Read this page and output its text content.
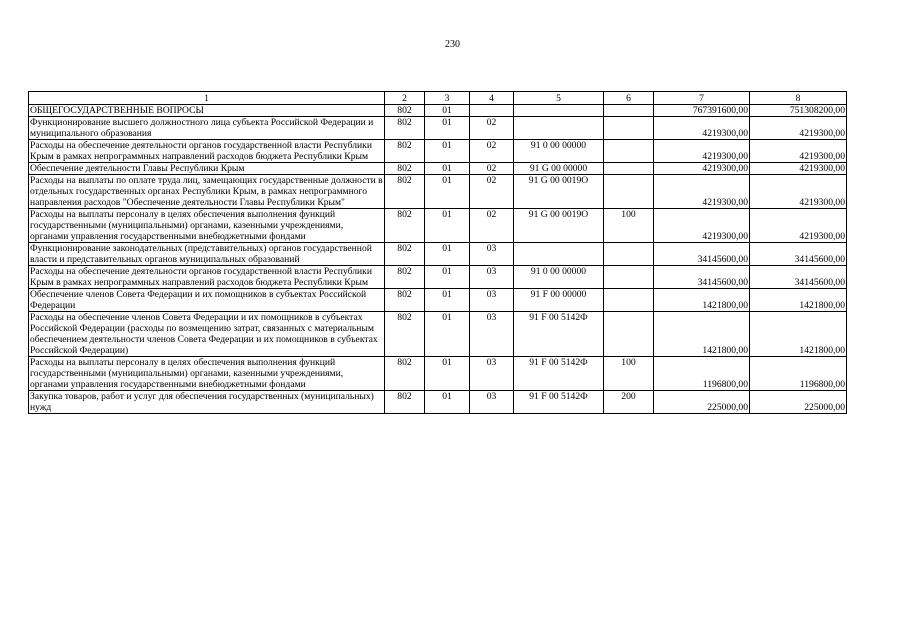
230
1	2	3	4	5	6	7	8
ОБЩЕГОСУДАРСТВЕННЫЕ ВОПРОСЫ	802	01				767391600,00	751308200,00
Функционирование высшего должностного лица субъекта Российской Федерации и муниципального образования	802	01	02			4219300,00	4219300,00
Расходы на обеспечение деятельности органов государственной власти Республики Крым в рамках непрограммных направлений расходов бюджета Республики Крым	802	01	02	91 0 00 00000		4219300,00	4219300,00
Обеспечение деятельности Главы Республики Крым	802	01	02	91 G 00 00000		4219300,00	4219300,00
Расходы на выплаты по оплате труда лиц, замещающих государственные должности в отдельных государственных органах Республики Крым, в рамках непрограммного направления расходов "Обеспечение деятельности Главы Республики Крым"	802	01	02	91 G 00 0019О		4219300,00	4219300,00
Расходы на выплаты персоналу в целях обеспечения выполнения функций государственными (муниципальными) органами, казенными учреждениями, органами управления государственными внебюджетными фондами	802	01	02	91 G 00 0019О	100	4219300,00	4219300,00
Функционирование законодательных (представительных) органов государственной власти и представительных органов муниципальных образований	802	01	03			34145600,00	34145600,00
Расходы на обеспечение деятельности органов государственной власти Республики Крым в рамках непрограммных направлений расходов бюджета Республики Крым	802	01	03	91 0 00 00000		34145600,00	34145600,00
Обеспечение членов Совета Федерации и их помощников в субъектах Российской Федерации	802	01	03	91 F 00 00000		1421800,00	1421800,00
Расходы на обеспечение членов Совета Федерации и их помощников в субъектах Российской Федерации (расходы по возмещению затрат, связанных с материальным обеспечением деятельности членов Совета Федерации и их помощников в субъектах Российской Федерации)	802	01	03	91 F 00 5142Ф		1421800,00	1421800,00
Расходы на выплаты персоналу в целях обеспечения выполнения функций государственными (муниципальными) органами, казенными учреждениями, органами управления государственными внебюджетными фондами	802	01	03	91 F 00 5142Ф	100	1196800,00	1196800,00
Закупка товаров, работ и услуг для обеспечения государственных (муниципальных) нужд	802	01	03	91 F 00 5142Ф	200	225000,00	225000,00
